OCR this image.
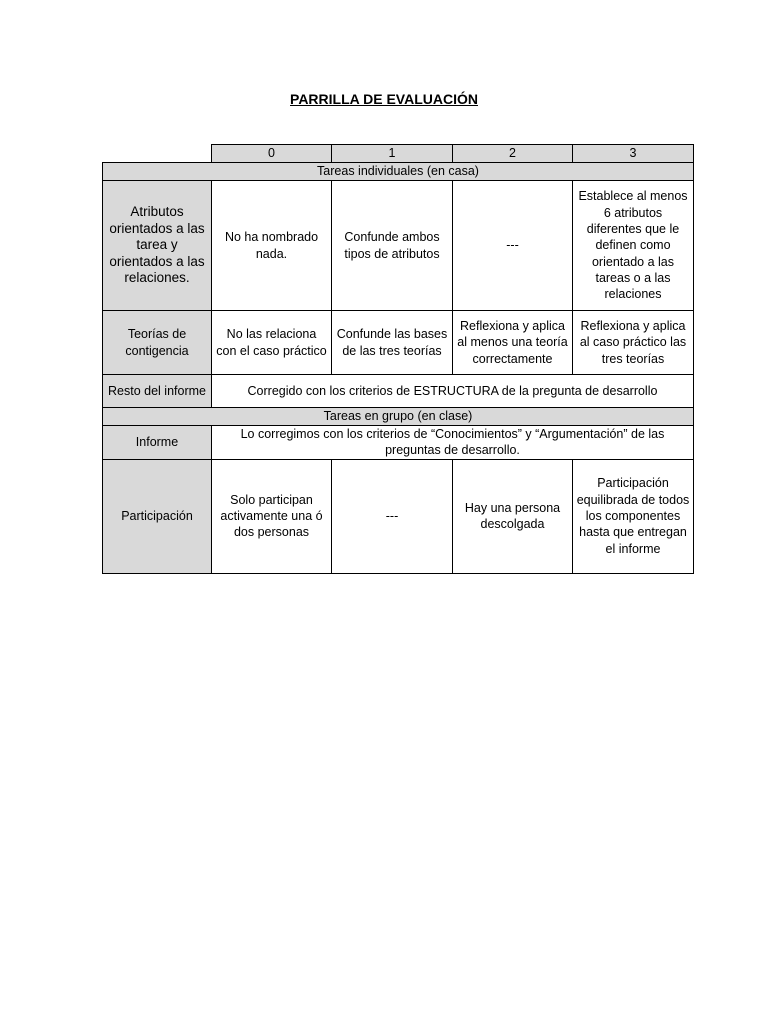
PARRILLA DE EVALUACIÓN
	0	1	2	3
Tareas individuales (en casa)				
Atributos orientados a las tarea y orientados a las relaciones.	No ha nombrado nada.	Confunde ambos tipos de atributos	---	Establece al menos 6 atributos diferentes que le definen como orientado a las tareas o a las relaciones
Teorías de contigencia	No las relaciona con el caso práctico	Confunde las bases de las tres teorías	Reflexiona y aplica al menos una teoría correctamente	Reflexiona y aplica al caso práctico las tres teorías
Resto del informe	Corregido con los criterios de ESTRUCTURA de la pregunta de desarrollo			
Tareas en grupo (en clase)				
Informe	Lo corregimos con los criterios de “Conocimientos” y “Argumentación” de las preguntas de desarrollo.			
Participación	Solo participan activamente una ó dos personas	---	Hay una persona descolgada	Participación equilibrada de todos los componentes hasta que entregan el informe
